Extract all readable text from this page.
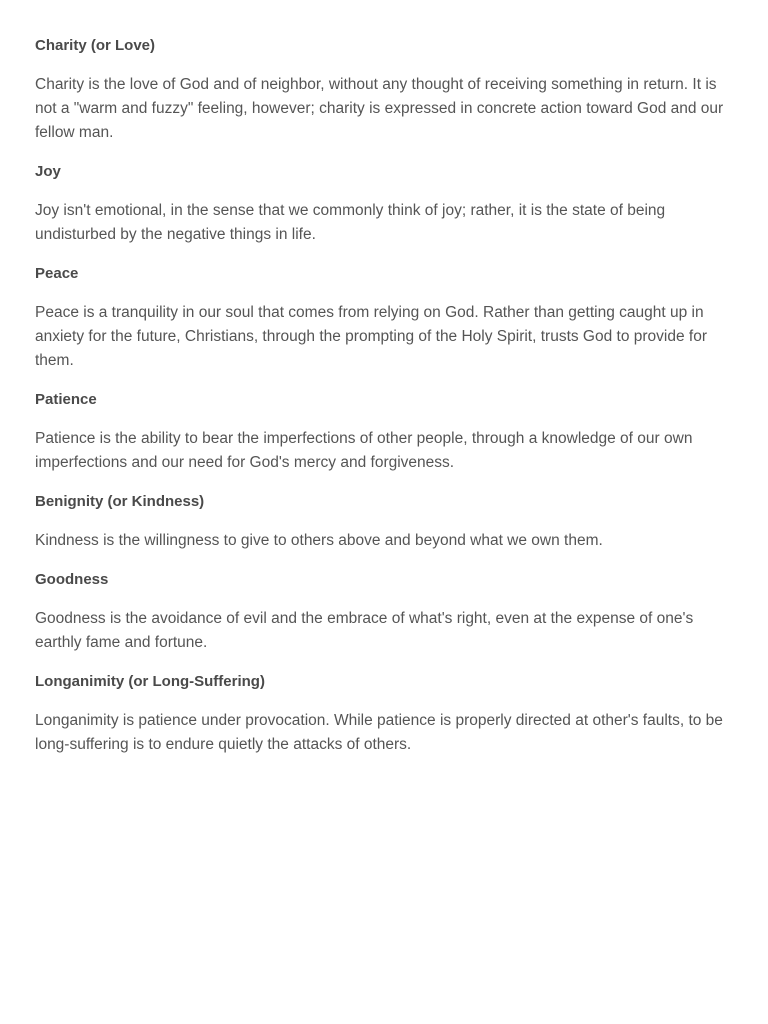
Charity (or Love)

Charity is the love of God and of neighbor, without any thought of receiving something in return. It is not a "warm and fuzzy" feeling, however; charity is expressed in concrete action toward God and our fellow man.

Joy

Joy isn't emotional, in the sense that we commonly think of joy; rather, it is the state of being undisturbed by the negative things in life.

Peace

Peace is a tranquility in our soul that comes from relying on God. Rather than getting caught up in anxiety for the future, Christians, through the prompting of the Holy Spirit, trusts God to provide for them.

Patience

Patience is the ability to bear the imperfections of other people, through a knowledge of our own imperfections and our need for God's mercy and forgiveness.

Benignity (or Kindness)

Kindness is the willingness to give to others above and beyond what we own them.

Goodness

Goodness is the avoidance of evil and the embrace of what's right, even at the expense of one's earthly fame and fortune.

Longanimity (or Long-Suffering)

Longanimity is patience under provocation. While patience is properly directed at other's faults, to be long-suffering is to endure quietly the attacks of others.
